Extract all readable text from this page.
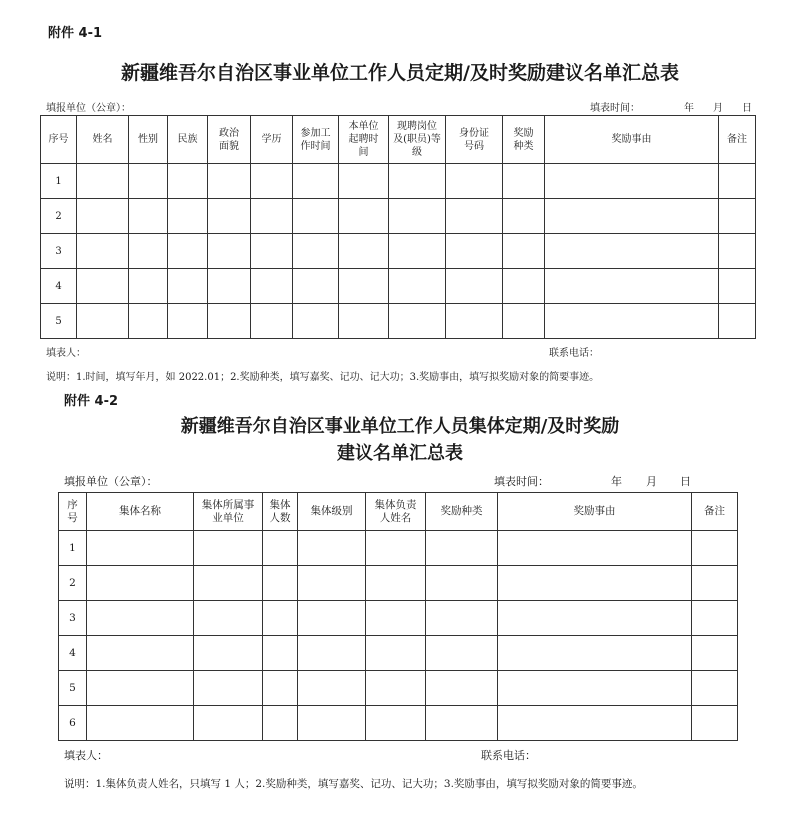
附件 4-1
新疆维吾尔自治区事业单位工作人员定期/及时奖励建议名单汇总表
填报单位（公章）：	填表时间：	年 月 日
序号	姓名	性别	民族	政治面貌	学历	参加工作时间	本单位起聘时间	现聘岗位及(职员)等级	身份证号码	奖励种类	奖励事由	备注
1												
2												
3												
4												
5												
填表人：	联系电话：
说明：1.时间，填写年月，如 2022.01；2.奖励种类，填写嘉奖、记功、记大功；3.奖励事由，填写拟奖励对象的简要事迹。
附件 4-2
新疆维吾尔自治区事业单位工作人员集体定期/及时奖励
建议名单汇总表
填报单位（公章）：	填表时间：	年 月 日
序号	集体名称	集体所属事业单位	集体人数	集体级别	集体负责人姓名	奖励种类	奖励事由	备注
1								
2								
3								
4								
5								
6								
填表人：	联系电话：
说明：1.集体负责人姓名，只填写 1 人；2.奖励种类，填写嘉奖、记功、记大功；3.奖励事由，填写拟奖励对象的简要事迹。
